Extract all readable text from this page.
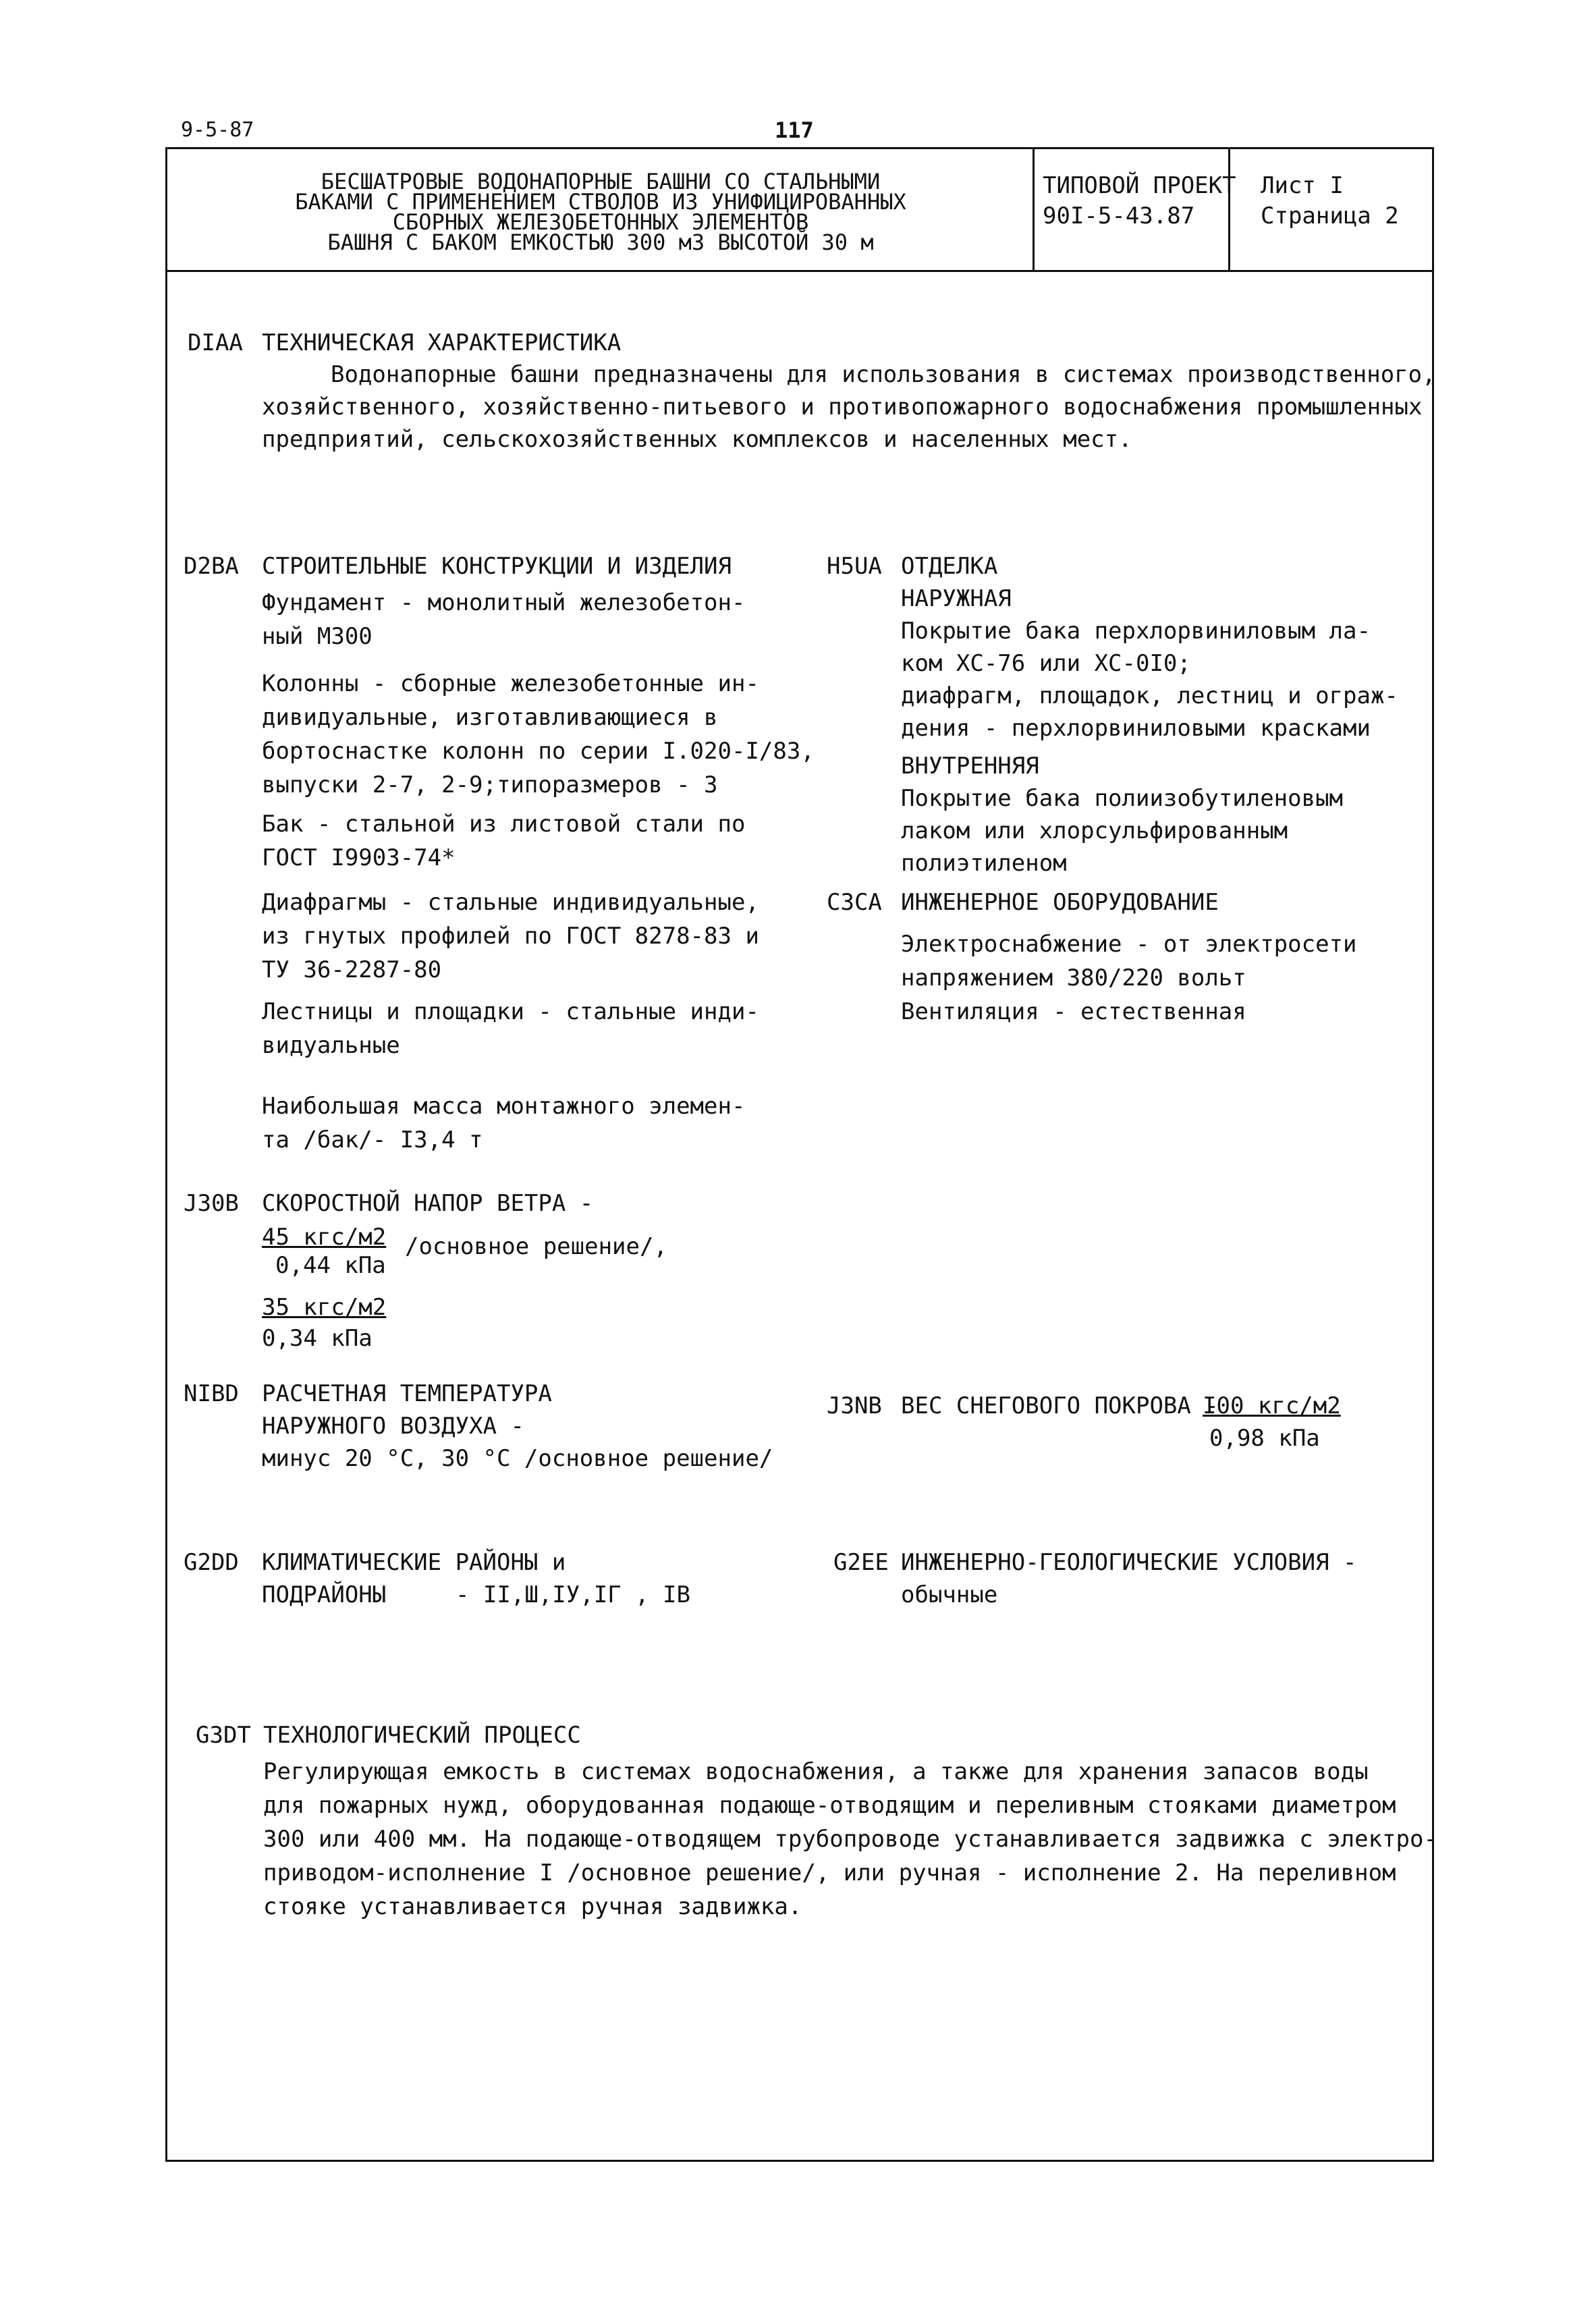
9-5-87	117
БЕСШАТРОВЫЕ ВОДОНАПОРНЫЕ БАШНИ СО СТАЛЬНЫМИ
БАКАМИ С ПРИМЕНЕНИЕМ СТВОЛОВ ИЗ УНИФИЦИРОВАННЫХ
СБОРНЫХ ЖЕЛЕЗОБЕТОННЫХ ЭЛЕМЕНТОВ
БАШНЯ С БАКОМ ЕМКОСТЬЮ 300 м3 ВЫСОТОЙ 30 м
ТИПОВОЙ ПРОЕКТ
90I-5-43.87
Лист I
Страница 2
DIAA ТЕХНИЧЕСКАЯ ХАРАКТЕРИСТИКА
Водонапорные башни предназначены для использования в системах производственного,
хозяйственного, хозяйственно-питьевого и противопожарного водоснабжения промышленных
предприятий, сельскохозяйственных комплексов и населенных мест.
D2BA СТРОИТЕЛЬНЫЕ КОНСТРУКЦИИ И ИЗДЕЛИЯ
Фундамент - монолитный железобетон-
ный М300
Колонны - сборные железобетонные ин-
дивидуальные, изготавливающиеся в
бортоснастке колонн по серии I.020-I/83,
выпуски 2-7, 2-9;типоразмеров - 3
Бак - стальной из листовой стали по
ГОСТ I9903-74*
Диафрагмы - стальные индивидуальные,
из гнутых профилей по ГОСТ 8278-83 и
ТУ 36-2287-80
Лестницы и площадки - стальные инди-
видуальные
Наибольшая масса монтажного элемен-
та /бак/- I3,4 т
H5UA ОТДЕЛКА
НАРУЖНАЯ
Покрытие бака перхлорвиниловым ла-
ком ХС-76 или ХС-0I0;
диафрагм, площадок, лестниц и ограж-
дения - перхлорвиниловыми красками
ВНУТРЕННЯЯ
Покрытие бака полиизобутиленовым
лаком или хлорсульфированным
полиэтиленом
C3CA ИНЖЕНЕРНОЕ ОБОРУДОВАНИЕ
Электроснабжение - от электросети
напряжением 380/220 вольт
Вентиляция - естественная
J30B СКОРОСТНОЙ НАПОР ВЕТРА -
45 кгс/м2 /основное решение/,
0,44 кПа
35 кгс/м2
0,34 кПа
NIBD РАСЧЕТНАЯ ТЕМПЕРАТУРА
НАРУЖНОГО ВОЗДУХА -
минус 20 °С, 30 °С /основное решение/
J3NB ВЕС СНЕГОВОГО ПОКРОВА -
I00 кгс/м2
0,98 кПа
G2DD КЛИМАТИЧЕСКИЕ РАЙОНЫ и
ПОДРАЙОНЫ	- II,Ш,IУ,IГ , IВ
G2EE ИНЖЕНЕРНО-ГЕОЛОГИЧЕСКИЕ УСЛОВИЯ -
обычные
G3DT ТЕХНОЛОГИЧЕСКИЙ ПРОЦЕСС
Регулирующая емкость в системах водоснабжения, а также для хранения запасов воды
для пожарных нужд, оборудованная подающе-отводящим и переливным стояками диаметром
300 или 400 мм. На подающе-отводящем трубопроводе устанавливается задвижка с электро-
приводом-исполнение I /основное решение/, или ручная - исполнение 2. На переливном
стояке устанавливается ручная задвижка.
